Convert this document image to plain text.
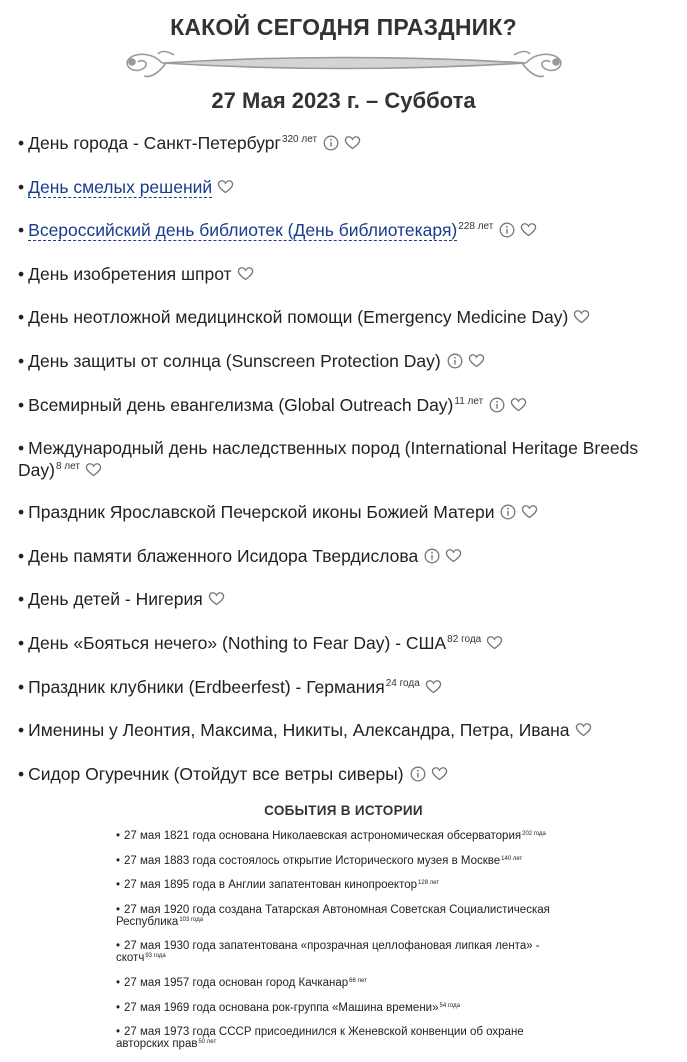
КАКОЙ СЕГОДНЯ ПРАЗДНИК?
27 Мая 2023 г. – Суббота
• День города - Санкт-Петербург$^{320 лет}$
• День смелых решений
• Всероссийский день библиотек (День библиотекаря)$^{228 лет}$
• День изобретения шпрот
• День неотложной медицинской помощи (Emergency Medicine Day)
• День защиты от солнца (Sunscreen Protection Day)
• Всемирный день евангелизма (Global Outreach Day)$^{11 лет}$
• Международный день наследственных пород (International Heritage Breeds Day)$^{8 лет}$
• Праздник Ярославской Печерской иконы Божией Матери
• День памяти блаженного Исидора Твердислова
• День детей - Нигерия
• День «Бояться нечего» (Nothing to Fear $Day) - США^{82 года}$
• Праздник клубники (Erdbeerfest) - Германия$^{24 года}$
• Именины у Леонтия, Максима, Никиты, Александра, Петра, Ивана
• Сидор Огуречник (Отойдут все ветры сиверы)
СОБЫТИЯ В ИСТОРИИ
• 27 мая 1821 года основана Николаевская астрономическая обсерватория$^{202 года}$
• 27 мая 1883 года состоялось открытие Исторического музея в Москве$^{140 лет}$
• 27 мая 1895 года в Англии запатентован кинопроектор$^{128 лет}$
• 27 мая 1920 года создана Татарская Автономная Советская Социалистическая Республика$^{103 года}$
• 27 мая 1930 года запатентована «прозрачная целлофановая липкая лента» - скотч$^{93 года}$
• 27 мая 1957 года основан город Качканар$^{66 лет}$
• 27 мая 1969 года основана рок-группа «Машина времени»$^{54 года}$
• 27 мая 1973 года СССР присоединился к Женевской конвенции об охране авторских прав$^{50 лет}$
